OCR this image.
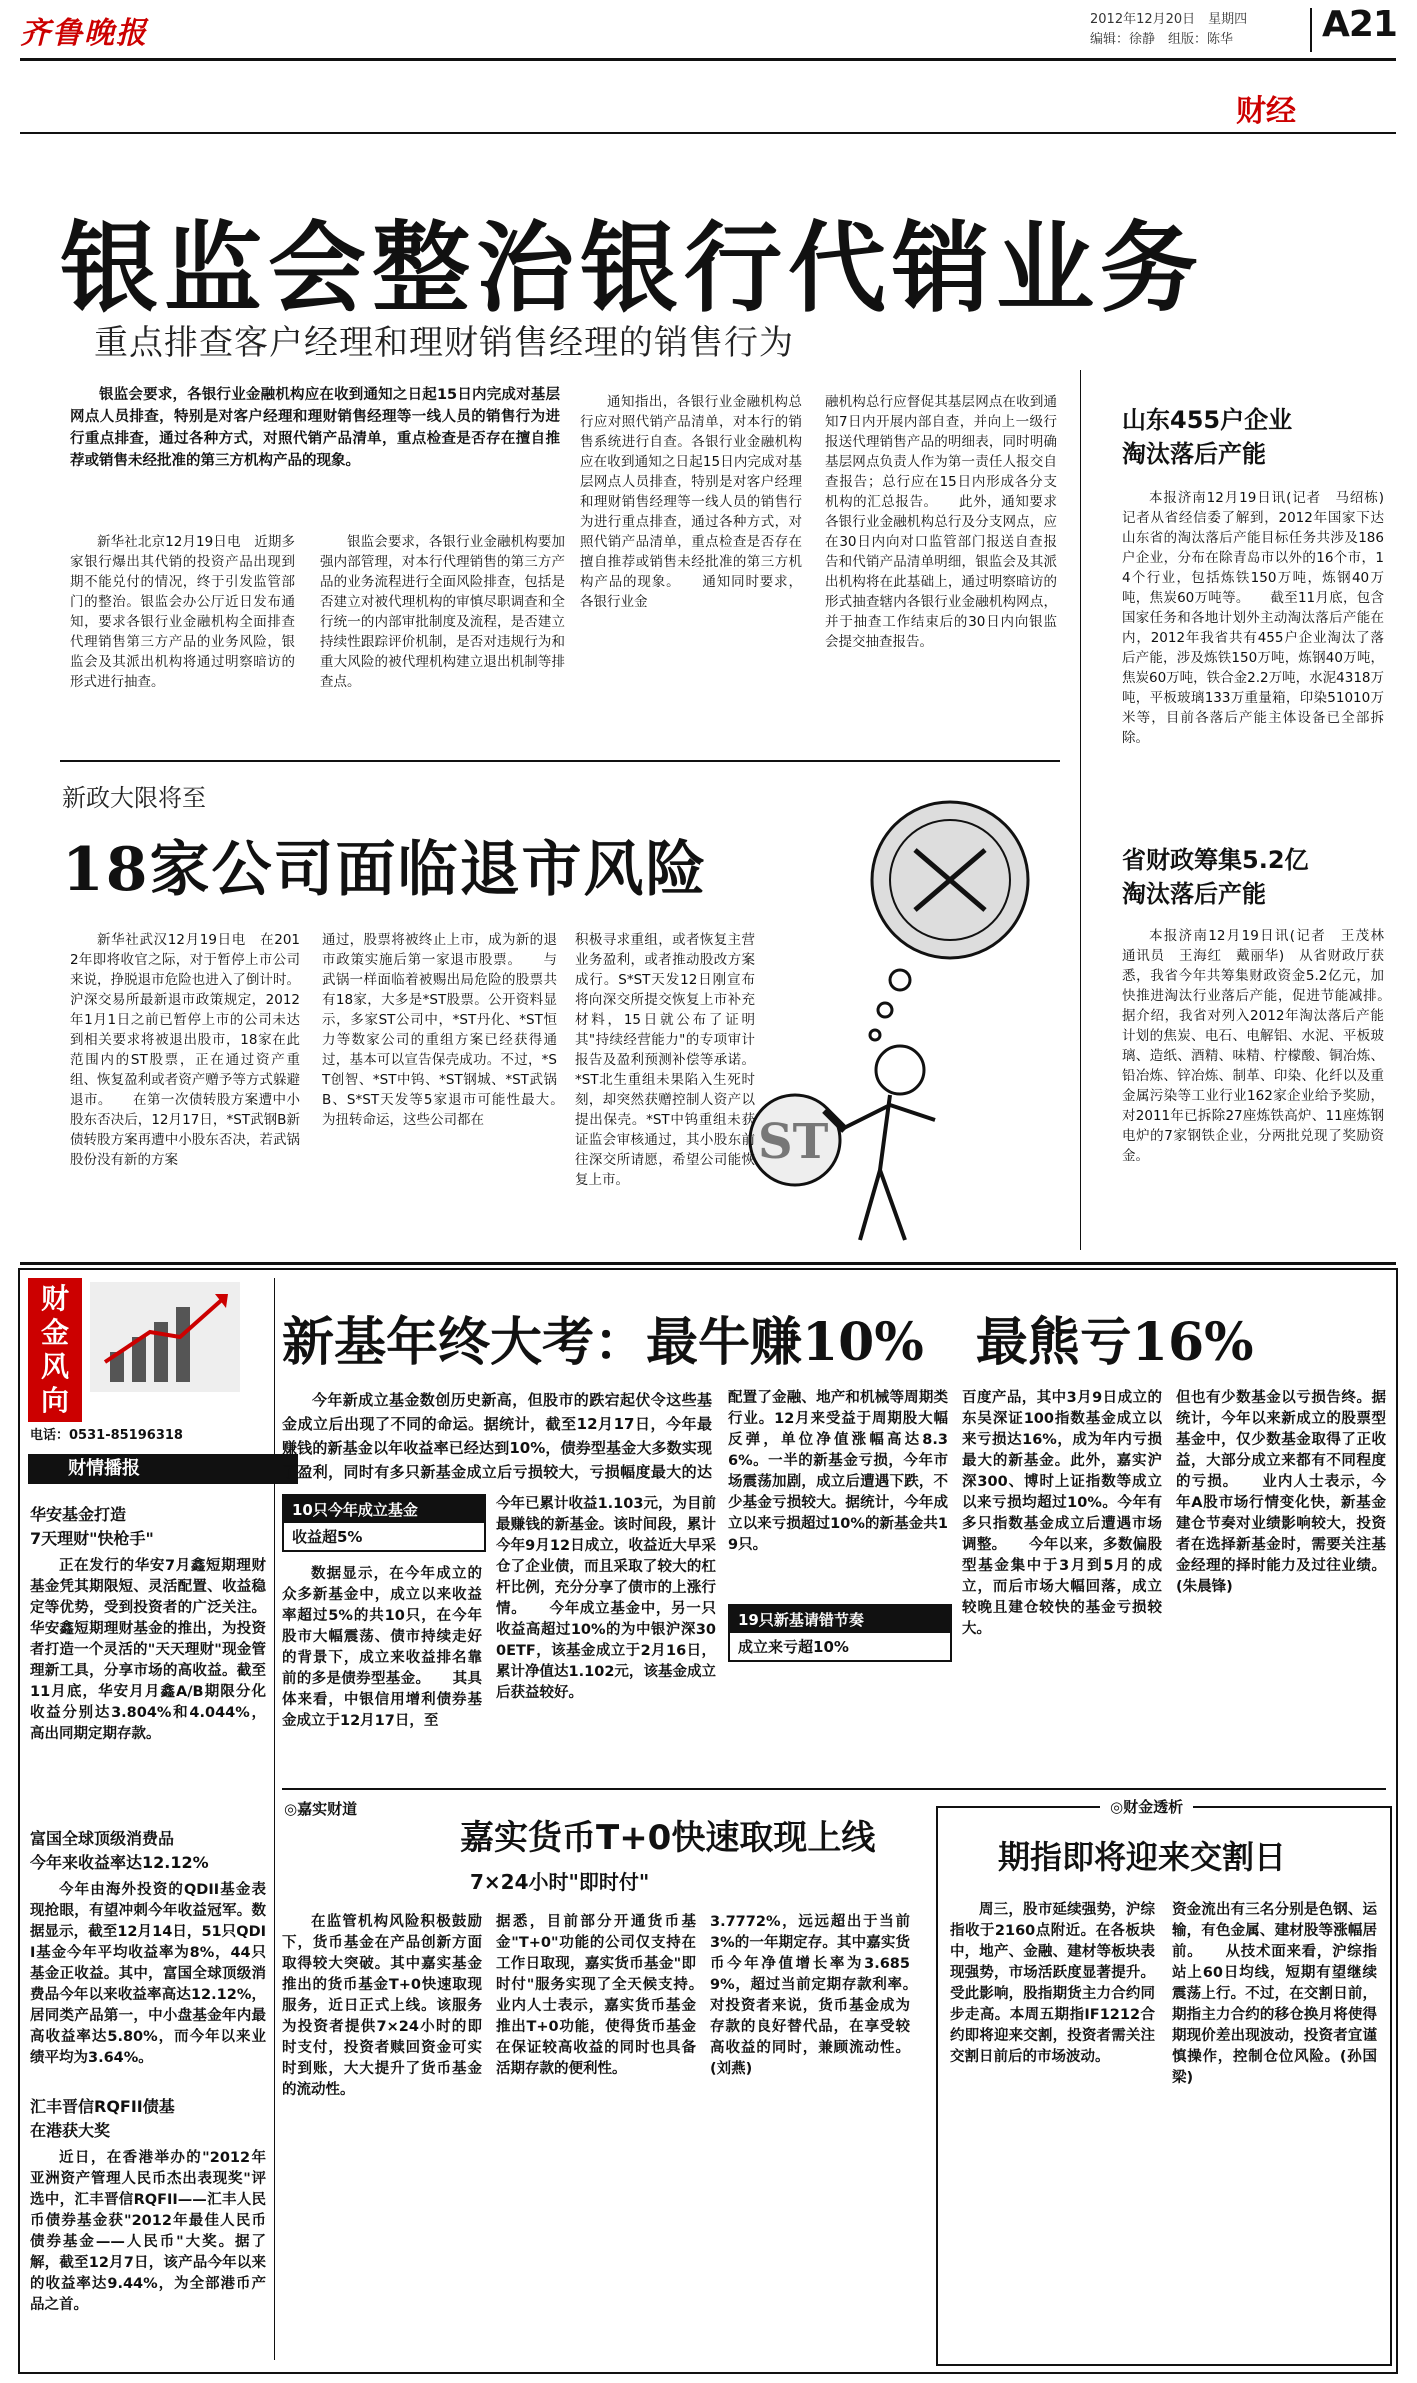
齐鲁晚报	2012年12月20日　星期四
编辑：徐静　组版：陈华 A21
财经
银监会整治银行代销业务
重点排查客户经理和理财销售经理的销售行为
银监会要求，各银行业金融机构应在收到通知之日起15日内完成对基层网点人员排查，特别是对客户经理和理财销售经理等一线人员的销售行为进行重点排查，通过各种方式，对照代销产品清单，重点检查是否存在擅自推荐或销售未经批准的第三方机构产品的现象。
新华社北京12月19日电　近期多家银行爆出其代销的投资产品出现到期不能兑付的情况，终于引发监管部门的整治。银监会办公厅近日发布通知，要求各银行业金融机构全面排查代理销售第三方产品的业务风险，银监会及其派出机构将通过明察暗访的形式进行抽查。
银监会要求，各银行业金融机构要加强内部管理，对本行代理销售的第三方产品的业务流程进行全面风险排查，包括是否建立对被代理机构的审慎尽职调查和全行统一的内部审批制度及流程，是否建立持续性跟踪评价机制，是否对违规行为和重大风险的被代理机构建立退出机制等排查点。
通知指出，各银行业金融机构总行应对照代销产品清单，对本行的销售系统进行自查。各银行业金融机构应在收到通知之日起15日内完成对基层网点人员排查，特别是对客户经理和理财销售经理等一线人员的销售行为进行重点排查，通过各种方式，对照代销产品清单，重点检查是否存在擅自推荐或销售未经批准的第三方机构产品的现象。　　通知同时要求，各银行业金
融机构总行应督促其基层网点在收到通知7日内开展内部自查，并向上一级行报送代理销售产品的明细表，同时明确基层网点负责人作为第一责任人报交自查报告；总行应在15日内形成各分支机构的汇总报告。　　此外，通知要求各银行业金融机构总行及分支网点，应在30日内向对口监管部门报送自查报告和代销产品清单明细，银监会及其派出机构将在此基础上，通过明察暗访的形式抽查辖内各银行业金融机构网点，并于抽查工作结束后的30日内向银监会提交抽查报告。
山东455户企业
淘汰落后产能
本报济南12月19日讯(记者　马绍栋)　记者从省经信委了解到，2012年国家下达山东省的淘汰落后产能目标任务共涉及186户企业，分布在除青岛市以外的16个市，14个行业，包括炼铁150万吨，炼钢40万吨，焦炭60万吨等。　　截至11月底，包含国家任务和各地计划外主动淘汰落后产能在内，2012年我省共有455户企业淘汰了落后产能，涉及炼铁150万吨，炼钢40万吨，焦炭60万吨，铁合金2.2万吨，水泥4318万吨，平板玻璃133万重量箱，印染51010万米等，目前各落后产能主体设备已全部拆除。
省财政筹集5.2亿
淘汰落后产能
本报济南12月19日讯(记者　王茂林　通讯员　王海红　戴丽华)　从省财政厅获悉，我省今年共筹集财政资金5.2亿元，加快推进淘汰行业落后产能，促进节能减排。　　据介绍，我省对列入2012年淘汰落后产能计划的焦炭、电石、电解铝、水泥、平板玻璃、造纸、酒精、味精、柠檬酸、铜冶炼、铅冶炼、锌冶炼、制革、印染、化纤以及重金属污染等工业行业162家企业给予奖励，对2011年已拆除27座炼铁高炉、11座炼钢电炉的7家钢铁企业，分两批兑现了奖励资金。
新政大限将至
18家公司面临退市风险
ST
新华社武汉12月19日电　在2012年即将收官之际，对于暂停上市公司来说，挣脱退市危险也进入了倒计时。沪深交易所最新退市政策规定，2012年1月1日之前已暂停上市的公司未达到相关要求将被退出股市，18家在此范围内的ST股票，正在通过资产重组、恢复盈利或者资产赠予等方式躲避退市。　　在第一次债转股方案遭中小股东否决后，12月17日，*ST武钢B新债转股方案再遭中小股东否决，若武锅股份没有新的方案
通过，股票将被终止上市，成为新的退市政策实施后第一家退市股票。　　与武锅一样面临着被赐出局危险的股票共有18家，大多是*ST股票。公开资料显示，多家ST公司中，*ST丹化、*ST恒力等数家公司的重组方案已经获得通过，基本可以宣告保壳成功。不过，*ST创智、*ST中钨、*ST钢城、*ST武锅B、S*ST天发等5家退市可能性最大。　　为扭转命运，这些公司都在
积极寻求重组，或者恢复主营业务盈利，或者推动股改方案成行。S*ST天发12日刚宣布将向深交所提交恢复上市补充材料，15日就公布了证明其"持续经营能力"的专项审计报告及盈利预测补偿等承诺。*ST北生重组未果陷入生死时刻，却突然获赠控制人资产以提出保壳。*ST中钨重组未获证监会审核通过，其小股东前往深交所请愿，希望公司能恢复上市。
财金风向
电话：0531-85196318
财情播报
华安基金打造
7天理财"快枪手"
正在发行的华安7月鑫短期理财基金凭其期限短、灵活配置、收益稳定等优势，受到投资者的广泛关注。华安鑫短期理财基金的推出，为投资者打造一个灵活的"天天理财"现金管理新工具，分享市场的高收益。截至11月底，华安月月鑫A/B期限分化收益分别达3.804%和4.044%，高出同期定期存款。
富国全球顶级消费品
今年来收益率达12.12%
今年由海外投资的QDII基金表现抢眼，有望冲刺今年收益冠军。数据显示，截至12月14日，51只QDII基金今年平均收益率为8%，44只基金正收益。其中，富国全球顶级消费品今年以来收益率高达12.12%，居同类产品第一，中小盘基金年内最高收益率达5.80%，而今年以来业绩平均为3.64%。
汇丰晋信RQFII债基
在港获大奖
近日，在香港举办的"2012年亚洲资产管理人民币杰出表现奖"评选中，汇丰晋信RQFII——汇丰人民币债券基金获"2012年最佳人民币债券基金——人民币"大奖。据了解，截至12月7日，该产品今年以来的收益率达9.44%，为全部港币产品之首。
新基年终大考：最牛赚10%　最熊亏16%
今年新成立基金数创历史新高，但股市的跌宕起伏令这些基金成立后出现了不同的命运。据统计，截至12月17日，今年最赚钱的新基金以年收益率已经达到10%，债券型基金大多数实现了盈利，同时有多只新基金成立后亏损较大，亏损幅度最大的达
10只今年成立基金
收益超5%
数据显示，在今年成立的众多新基金中，成立以来收益率超过5%的共10只，在今年股市大幅震荡、债市持续走好的背景下，成立来收益排名靠前的多是债券型基金。　　其具体来看，中银信用增利债券基金成立于12月17日，至
今年已累计收益1.103元，为目前最赚钱的新基金。该时间段，累计今年9月12日成立，收益近大早采仓了企业债，而且采取了较大的杠杆比例，充分分享了债市的上涨行情。　　今年成立基金中，另一只收益高超过10%的为中银沪深300ETF，该基金成立于2月16日，累计净值达1.102元，该基金成立后获益较好。
配置了金融、地产和机械等周期类行业。12月来受益于周期股大幅反弹，单位净值涨幅高达8.36%。一半的新基金亏损，今年市场震荡加剧，成立后遭遇下跌，不少基金亏损较大。据统计，今年成立以来亏损超过10%的新基金共19只。
19只新基请错节奏
成立来亏超10%
百度产品，其中3月9日成立的东吴深证100指数基金成立以来亏损达16%，成为年内亏损最大的新基金。此外，嘉实沪深300、博时上证指数等成立以来亏损均超过10%。今年有多只指数基金成立后遭遇市场调整。　　今年以来，多数偏股型基金集中于3月到5月的成立，而后市场大幅回落，成立较晚且建仓较快的基金亏损较大。
但也有少数基金以亏损告终。据统计，今年以来新成立的股票型基金中，仅少数基金取得了正收益，大部分成立来都有不同程度的亏损。　　业内人士表示，今年A股市场行情变化快，新基金建仓节奏对业绩影响较大，投资者在选择新基金时，需要关注基金经理的择时能力及过往业绩。(朱晨锋)
◎嘉实财道
嘉实货币T+0快速取现上线
7×24小时"即时付"
在监管机构风险积极鼓励下，货币基金在产品创新方面取得较大突破。其中嘉实基金推出的货币基金T+0快速取现服务，近日正式上线。该服务为投资者提供7×24小时的即时支付，投资者赎回资金可实时到账，大大提升了货币基金的流动性。
据悉，目前部分开通货币基金"T+0"功能的公司仅支持在工作日取现，嘉实货币基金"即时付"服务实现了全天候支持。　　业内人士表示，嘉实货币基金推出T+0功能，使得货币基金在保证较高收益的同时也具备活期存款的便利性。
3.7772%，远远超出于当前3%的一年期定存。其中嘉实货币今年净值增长率为3.6859%，超过当前定期存款利率。　　对投资者来说，货币基金成为存款的良好替代品，在享受较高收益的同时，兼顾流动性。(刘燕)
◎财金透析
期指即将迎来交割日
周三，股市延续强势，沪综指收于2160点附近。在各板块中，地产、金融、建材等板块表现强势，市场活跃度显著提升。受此影响，股指期货主力合约同步走高。本周五期指IF1212合约即将迎来交割，投资者需关注交割日前后的市场波动。
资金流出有三名分别是色钢、运输，有色金属、建材股等涨幅居前。　　从技术面来看，沪综指站上60日均线，短期有望继续震荡上行。不过，在交割日前，期指主力合约的移仓换月将使得期现价差出现波动，投资者宜谨慎操作，控制仓位风险。(孙国梁)
